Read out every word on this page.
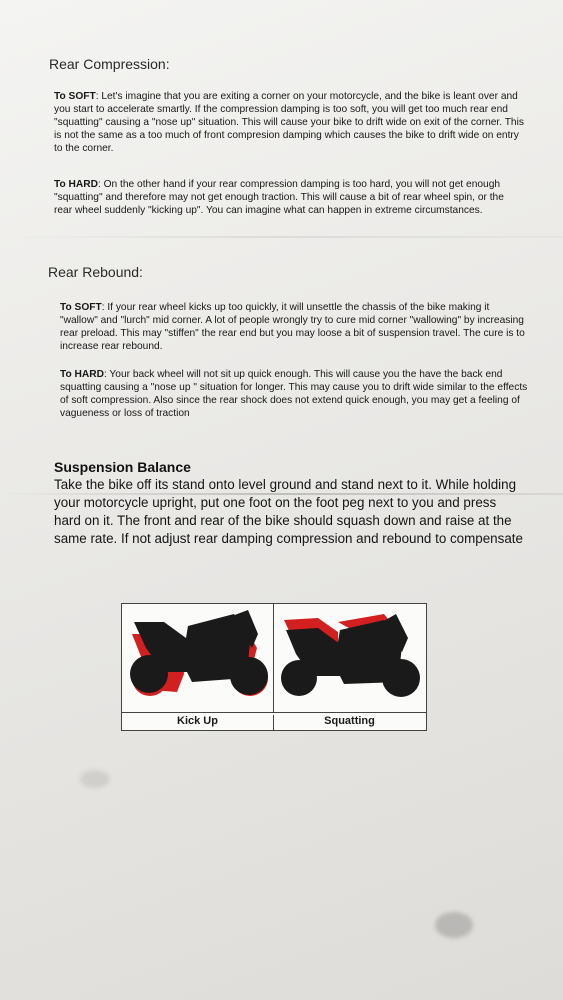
Rear Compression:
To SOFT: Let's imagine that you are exiting a corner on your motorcycle, and the bike is leant over and you start to accelerate smartly. If the compression damping is too soft, you will get too much rear end "squatting" causing a "nose up" situation. This will cause your bike to drift wide on exit of the corner. This is not the same as a too much of front compresion damping which causes the bike to drift wide on entry to the corner.
To HARD: On the other hand if your rear compression damping is too hard, you will not get enough "squatting" and therefore may not get enough traction. This will cause a bit of rear wheel spin, or the rear wheel suddenly "kicking up". You can imagine what can happen in extreme circumstances.
Rear Rebound:
To SOFT: If your rear wheel kicks up too quickly, it will unsettle the chassis of the bike making it "wallow" and "lurch" mid corner. A lot of people wrongly try to cure mid corner "wallowing" by increasing rear preload. This may "stiffen" the rear end but you may loose a bit of suspension travel. The cure is to increase rear rebound.
To HARD: Your back wheel will not sit up quick enough. This will cause you the have the back end squatting causing a "nose up " situation for longer. This may cause you to drift wide similar to the effects of soft compression. Also since the rear shock does not extend quick enough, you may get a feeling of vagueness or loss of traction
Suspension Balance
Take the bike off its stand onto level ground and stand next to it. While holding your motorcycle upright, put one foot on the foot peg next to you and press hard on it. The front and rear of the bike should squash down and raise at the same rate. If not adjust rear damping compression and rebound to compensate
Kick Up	Squatting
